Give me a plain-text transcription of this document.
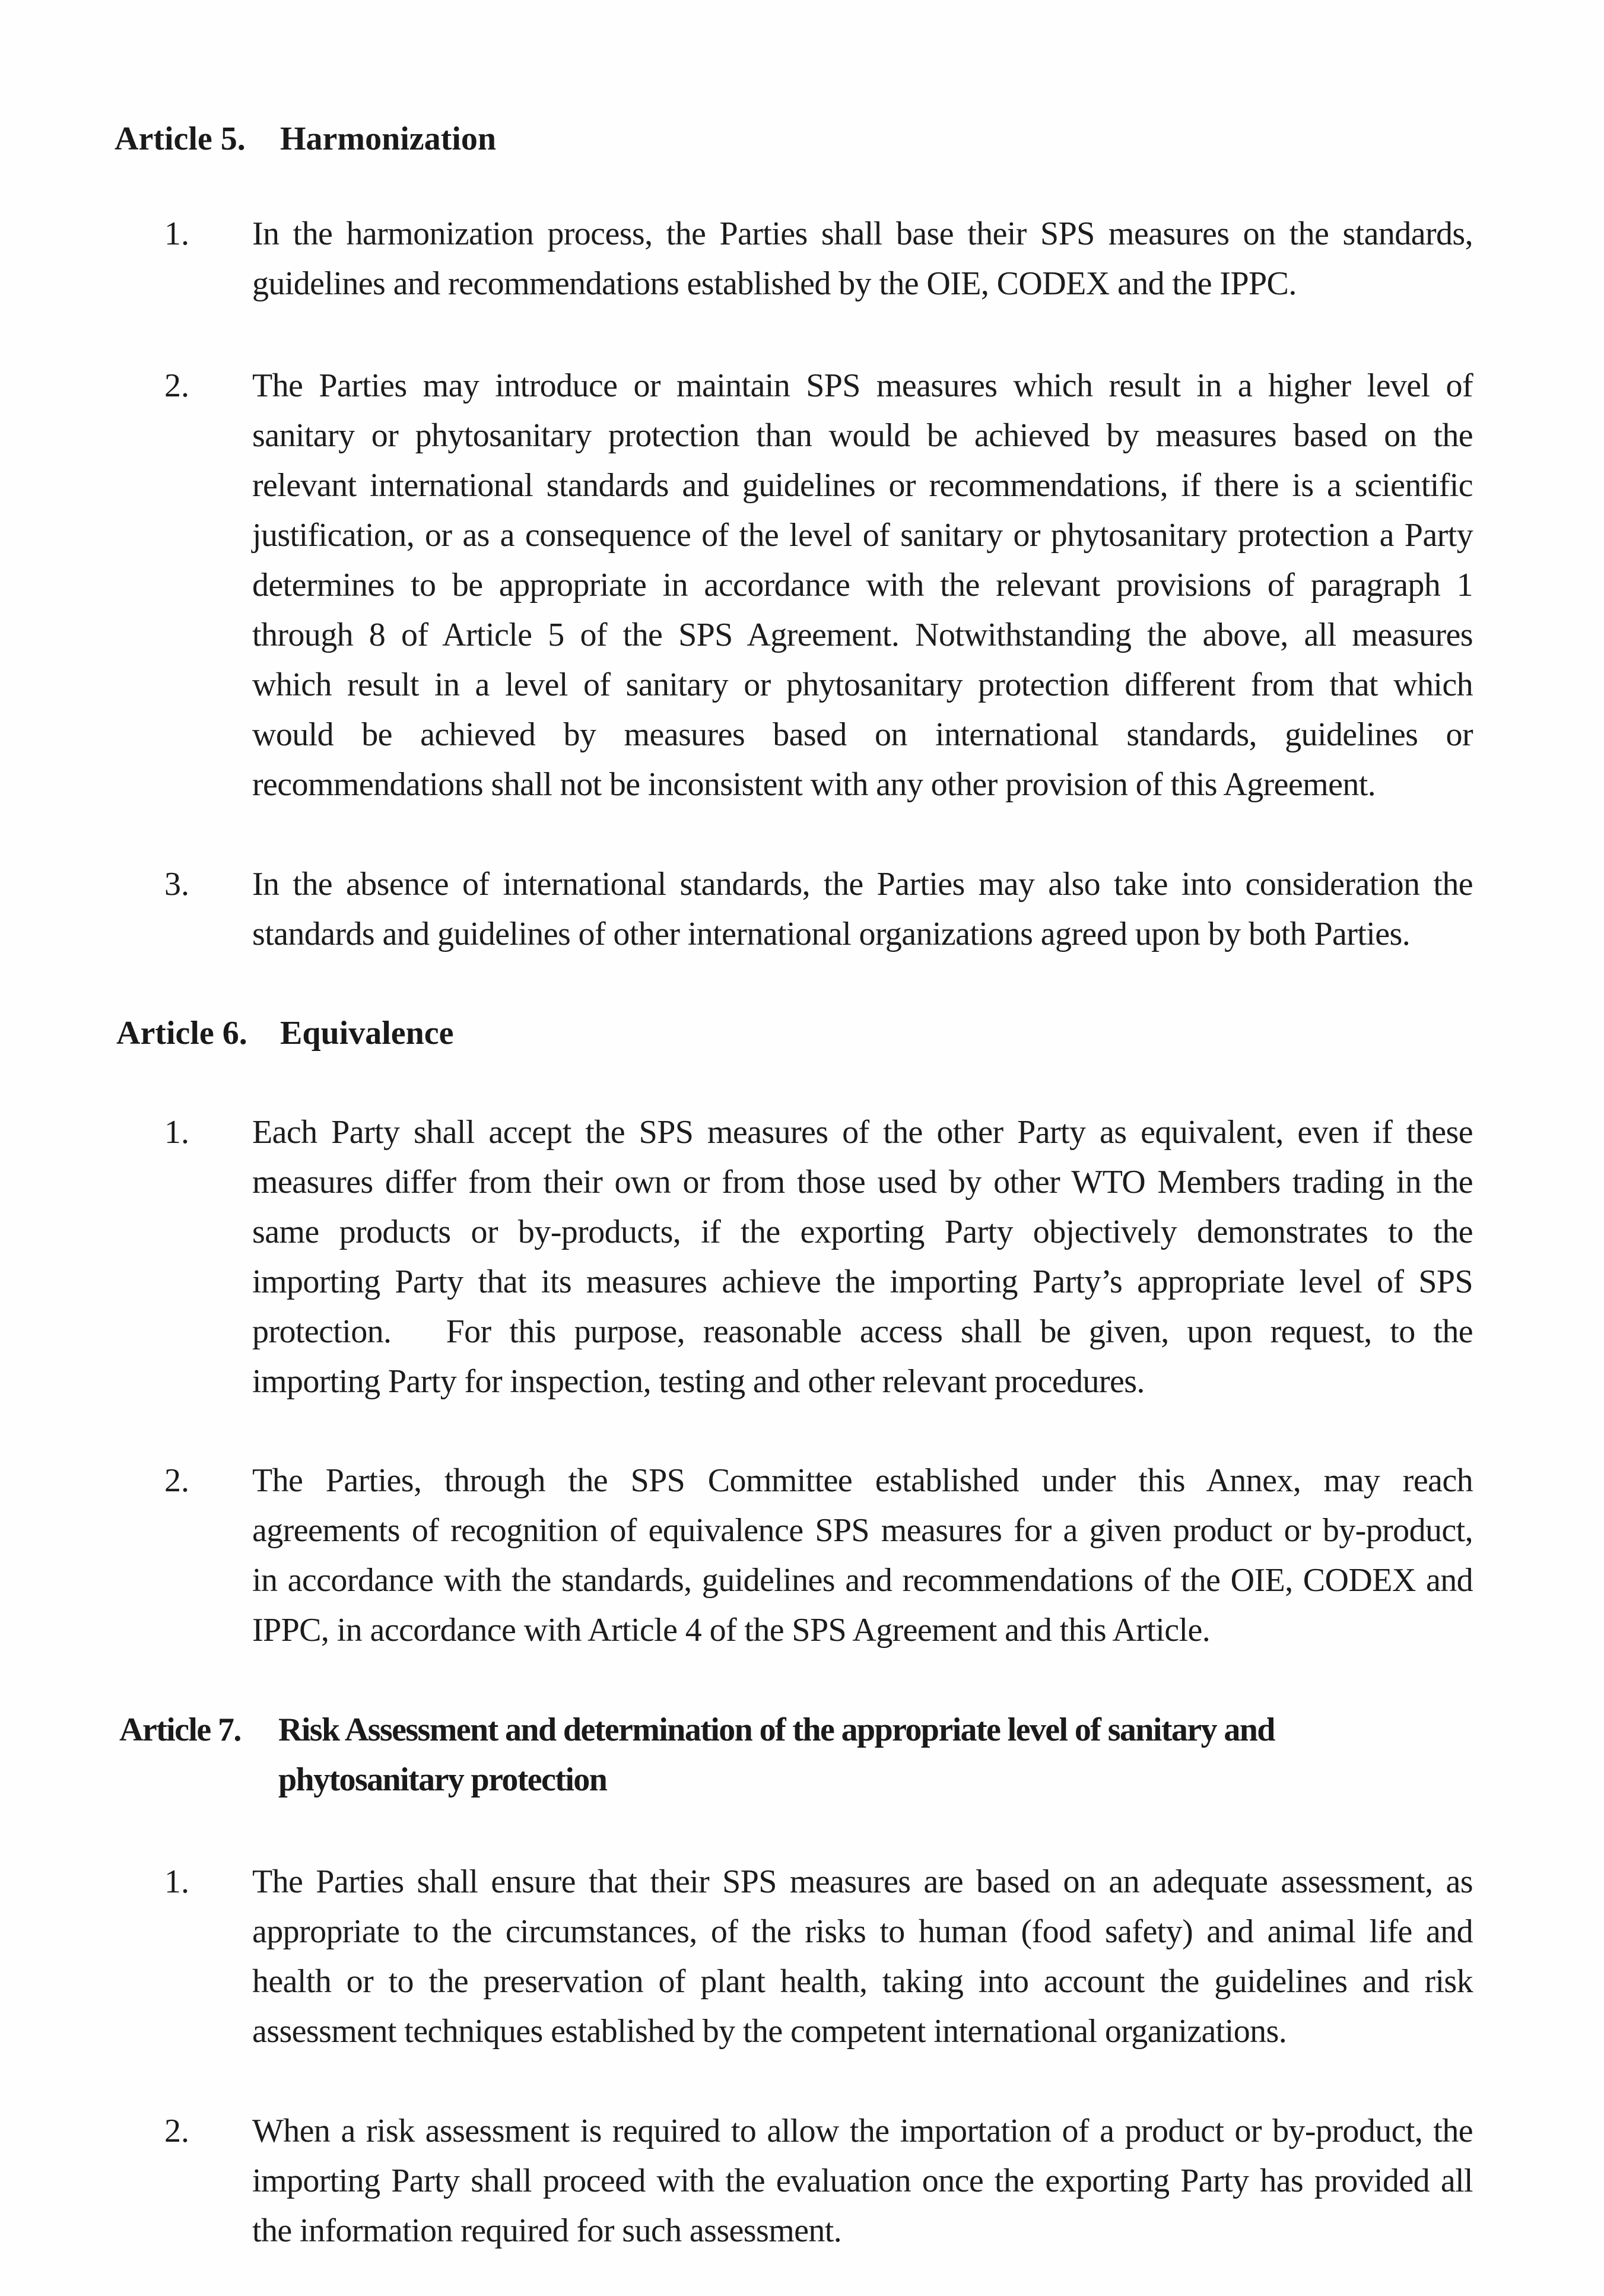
Article 5. Harmonization
1. In the harmonization process, the Parties shall base their SPS measures on the standards,
guidelines and recommendations established by the OIE, CODEX and the IPPC.
2. The Parties may introduce or maintain SPS measures which result in a higher level of
sanitary or phytosanitary protection than would be achieved by measures based on the
relevant international standards and guidelines or recommendations, if there is a scientific
justification, or as a consequence of the level of sanitary or phytosanitary protection a Party
determines to be appropriate in accordance with the relevant provisions of paragraph 1
through 8 of Article 5 of the SPS Agreement. Notwithstanding the above, all measures
which result in a level of sanitary or phytosanitary protection different from that which
would be achieved by measures based on international standards, guidelines or
recommendations shall not be inconsistent with any other provision of this Agreement.
3. In the absence of international standards, the Parties may also take into consideration the
standards and guidelines of other international organizations agreed upon by both Parties.
Article 6. Equivalence
1. Each Party shall accept the SPS measures of the other Party as equivalent, even if these
measures differ from their own or from those used by other WTO Members trading in the
same products or by-products, if the exporting Party objectively demonstrates to the
importing Party that its measures achieve the importing Party’s appropriate level of SPS
protection.   For this purpose, reasonable access shall be given, upon request, to the
importing Party for inspection, testing and other relevant procedures.
2. The Parties, through the SPS Committee established under this Annex, may reach
agreements of recognition of equivalence SPS measures for a given product or by-product,
in accordance with the standards, guidelines and recommendations of the OIE, CODEX and
IPPC, in accordance with Article 4 of the SPS Agreement and this Article.
Article 7. Risk Assessment and determination of the appropriate level of sanitary and
phytosanitary protection
1. The Parties shall ensure that their SPS measures are based on an adequate assessment, as
appropriate to the circumstances, of the risks to human (food safety) and animal life and
health or to the preservation of plant health, taking into account the guidelines and risk
assessment techniques established by the competent international organizations.
2. When a risk assessment is required to allow the importation of a product or by-product, the
importing Party shall proceed with the evaluation once the exporting Party has provided all
the information required for such assessment.
